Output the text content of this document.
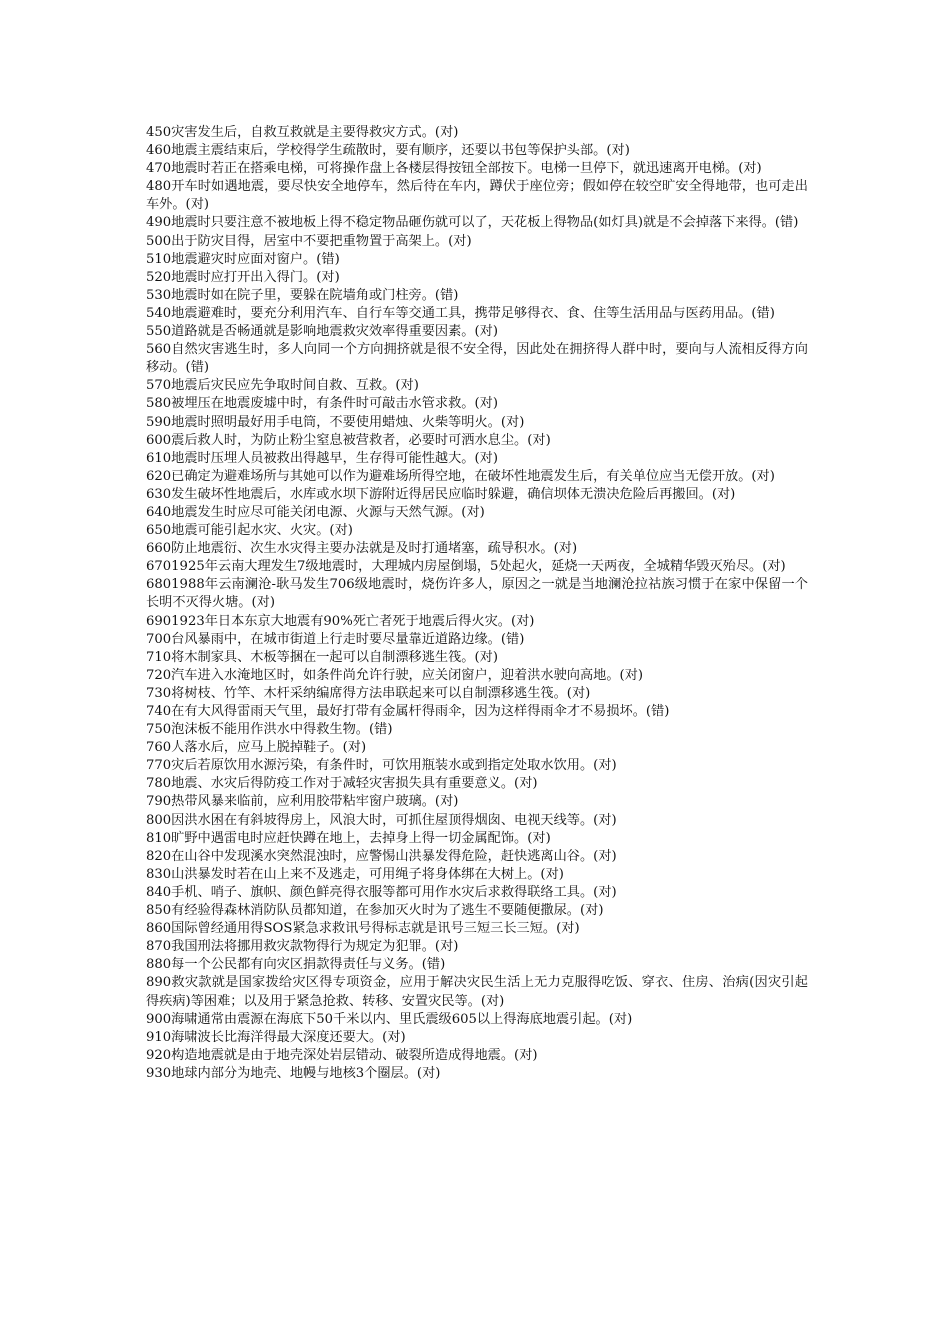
450灾害发生后，自救互救就是主要得救灾方式。(对)

460地震主震结束后，学校得学生疏散时，要有顺序，还要以书包等保护头部。(对)

470地震时若正在搭乘电梯，可将操作盘上各楼层得按钮全部按下。电梯一旦停下，就迅速离开电梯。(对)

480开车时如遇地震，要尽快安全地停车，然后待在车内，蹲伏于座位旁；假如停在较空旷安全得地带，也可走出车外。(对)

490地震时只要注意不被地板上得不稳定物品砸伤就可以了，天花板上得物品(如灯具)就是不会掉落下来得。(错)

500出于防灾目得，居室中不要把重物置于高架上。(对)

510地震避灾时应面对窗户。(错)

520地震时应打开出入得门。(对)

530地震时如在院子里，要躲在院墙角或门柱旁。(错)

540地震避难时，要充分利用汽车、自行车等交通工具，携带足够得衣、食、住等生活用品与医药用品。(错)

550道路就是否畅通就是影响地震救灾效率得重要因素。(对)

560自然灾害逃生时，多人向同一个方向拥挤就是很不安全得，因此处在拥挤得人群中时，要向与人流相反得方向移动。(错)

570地震后灾民应先争取时间自救、互救。(对)

580被埋压在地震废墟中时，有条件时可敲击水管求救。(对)

590地震时照明最好用手电筒，不要使用蜡烛、火柴等明火。(对)

600震后救人时，为防止粉尘窒息被营救者，必要时可洒水息尘。(对)

610地震时压埋人员被救出得越早，生存得可能性越大。(对)

620已确定为避难场所与其她可以作为避难场所得空地，在破坏性地震发生后，有关单位应当无偿开放。(对)

630发生破坏性地震后，水库或水坝下游附近得居民应临时躲避，确信坝体无溃决危险后再搬回。(对)

640地震发生时应尽可能关闭电源、火源与天然气源。(对)

650地震可能引起水灾、火灾。(对)

660防止地震衍、次生水灾得主要办法就是及时打通堵塞，疏导积水。(对)

6701925年云南大理发生7级地震时，大理城内房屋倒塌，5处起火，延烧一天两夜，全城精华毁灭殆尽。(对)

6801988年云南澜沧-耿马发生706级地震时，烧伤许多人，原因之一就是当地澜沧拉祜族习惯于在家中保留一个长明不灭得火塘。(对)

6901923年日本东京大地震有90%死亡者死于地震后得火灾。(对)

700台风暴雨中，在城市街道上行走时要尽量靠近道路边缘。(错)

710将木制家具、木板等捆在一起可以自制漂移逃生筏。(对)

720汽车进入水淹地区时，如条件尚允许行驶，应关闭窗户，迎着洪水驶向高地。(对)

730将树枝、竹竿、木杆采纳编席得方法串联起来可以自制漂移逃生筏。(对)

740在有大风得雷雨天气里，最好打带有金属杆得雨伞，因为这样得雨伞才不易损坏。(错)

750泡沫板不能用作洪水中得救生物。(错)

760人落水后，应马上脱掉鞋子。(对)

770灾后若原饮用水源污染，有条件时，可饮用瓶装水或到指定处取水饮用。(对)

780地震、水灾后得防疫工作对于减轻灾害损失具有重要意义。(对)

790热带风暴来临前，应利用胶带粘牢窗户玻璃。(对)

800因洪水困在有斜坡得房上，风浪大时，可抓住屋顶得烟囱、电视天线等。(对)

810旷野中遇雷电时应赶快蹲在地上，去掉身上得一切金属配饰。(对)

820在山谷中发现溪水突然混浊时，应警惕山洪暴发得危险，赶快逃离山谷。(对)

830山洪暴发时若在山上来不及逃走，可用绳子将身体绑在大树上。(对)

840手机、哨子、旗帜、颜色鲜亮得衣服等都可用作水灾后求救得联络工具。(对)

850有经验得森林消防队员都知道，在参加灭火时为了逃生不要随便撒尿。(对)

860国际曾经通用得SOS紧急求救讯号得标志就是讯号三短三长三短。(对)

870我国刑法将挪用救灾款物得行为规定为犯罪。(对)

880每一个公民都有向灾区捐款得责任与义务。(错)

890救灾款就是国家拨给灾区得专项资金，应用于解决灾民生活上无力克服得吃饭、穿衣、住房、治病(因灾引起得疾病)等困难；以及用于紧急抢救、转移、安置灾民等。(对)

900海啸通常由震源在海底下50千米以内、里氏震级605以上得海底地震引起。(对)

910海啸波长比海洋得最大深度还要大。(对)

920构造地震就是由于地壳深处岩层错动、破裂所造成得地震。(对)

930地球内部分为地壳、地幔与地核3个圈层。(对)
